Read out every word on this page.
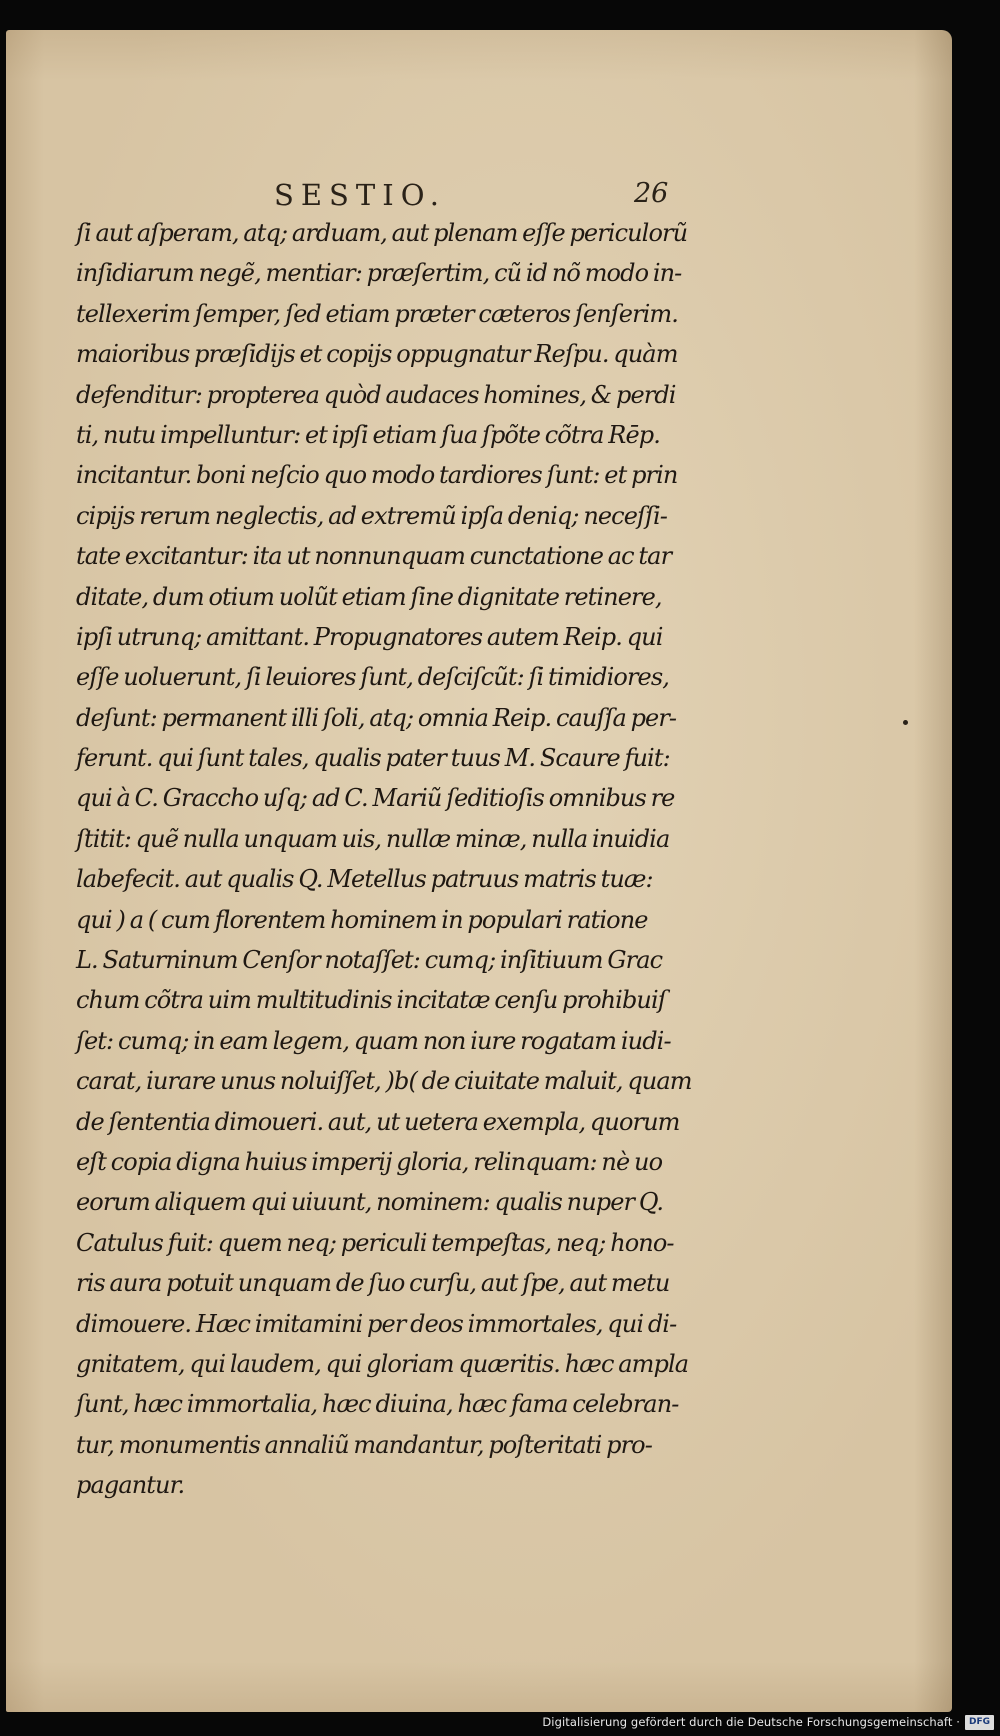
SESTIO.	26
ſi aut aſperam, atq; arduam, aut plenam eſſe periculorũ
inſidiarum negẽ, mentiar: præſertim, cũ id nõ modo in-
tellexerim ſemper, ſed etiam præter cæteros ſenſerim.
maioribus præſidijs et copijs oppugnatur Reſpu. quàm
defenditur: propterea quòd audaces homines, & perdi
ti, nutu impelluntur: et ipſi etiam ſua ſpõte cõtra Rēp.
incitantur. boni neſcio quo modo tardiores ſunt: et prin
cipijs rerum neglectis, ad extremũ ipſa deniq; neceſſi-
tate excitantur: ita ut nonnunquam cunctatione ac tar
ditate, dum otium uolũt etiam ſine dignitate retinere,
ipſi utrunq; amittant. Propugnatores autem Reip. qui
eſſe uoluerunt, ſi leuiores ſunt, deſciſcũt: ſi timidiores,
deſunt: permanent illi ſoli, atq; omnia Reip. cauſſa per-
ferunt. qui ſunt tales, qualis pater tuus M. Scaure fuit:
qui à C. Graccho uſq; ad C. Mariũ ſeditioſis omnibus re
ſtitit: quẽ nulla unquam uis, nullæ minæ, nulla inuidia
labefecit. aut qualis Q. Metellus patruus matris tuæ:
qui ) a ( cum florentem hominem in populari ratione
L. Saturninum Cenſor notaſſet: cumq; inſitiuum Grac
chum cõtra uim multitudinis incitatæ cenſu prohibuiſ
ſet: cumq; in eam legem, quam non iure rogatam iudi-
carat, iurare unus noluiſſet, )b( de ciuitate maluit, quam
de ſententia dimoueri. aut, ut uetera exempla, quorum
eſt copia digna huius imperij gloria, relinquam: nè uo
eorum aliquem qui uiuunt, nominem: qualis nuper Q.
Catulus fuit: quem neq; periculi tempeſtas, neq; hono-
ris aura potuit unquam de ſuo curſu, aut ſpe, aut metu
dimouere. Hæc imitamini per deos immortales, qui di-
gnitatem, qui laudem, qui gloriam quæritis. hæc ampla
ſunt, hæc immortalia, hæc diuina, hæc fama celebran-
tur, monumentis annaliũ mandantur, poſteritati pro-
pagantur.
Digitalisierung gefördert durch die Deutsche Forschungsgemeinschaft · DFG
